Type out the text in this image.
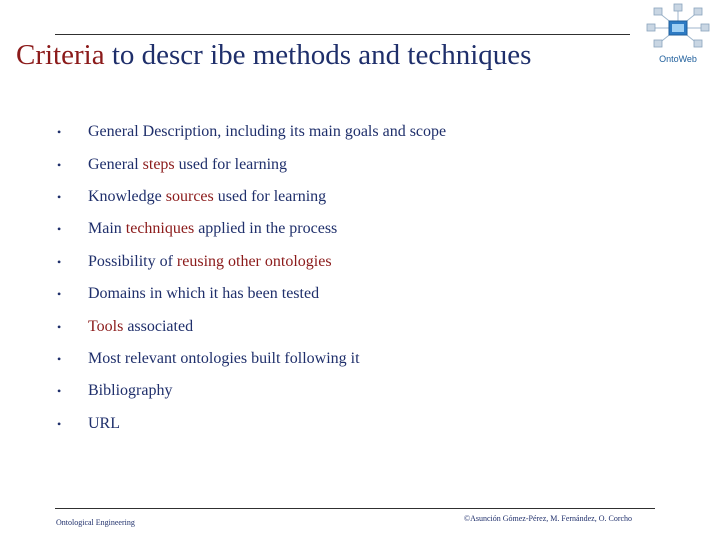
Criteria to descr ibe methods and techniques	OntoWeb
•	General Description, including its main goals and scope
•	General steps used for learning
•	Knowledge sources used for learning
•	Main techniques applied in the process
•	Possibility of reusing other ontologies
•	Domains in which it has been tested
•	Tools associated
•	Most relevant ontologies built following it
•	Bibliography
•	URL
Ontological Engineering	©Asunción Gómez-Pérez, M. Fernández, O. Corcho
